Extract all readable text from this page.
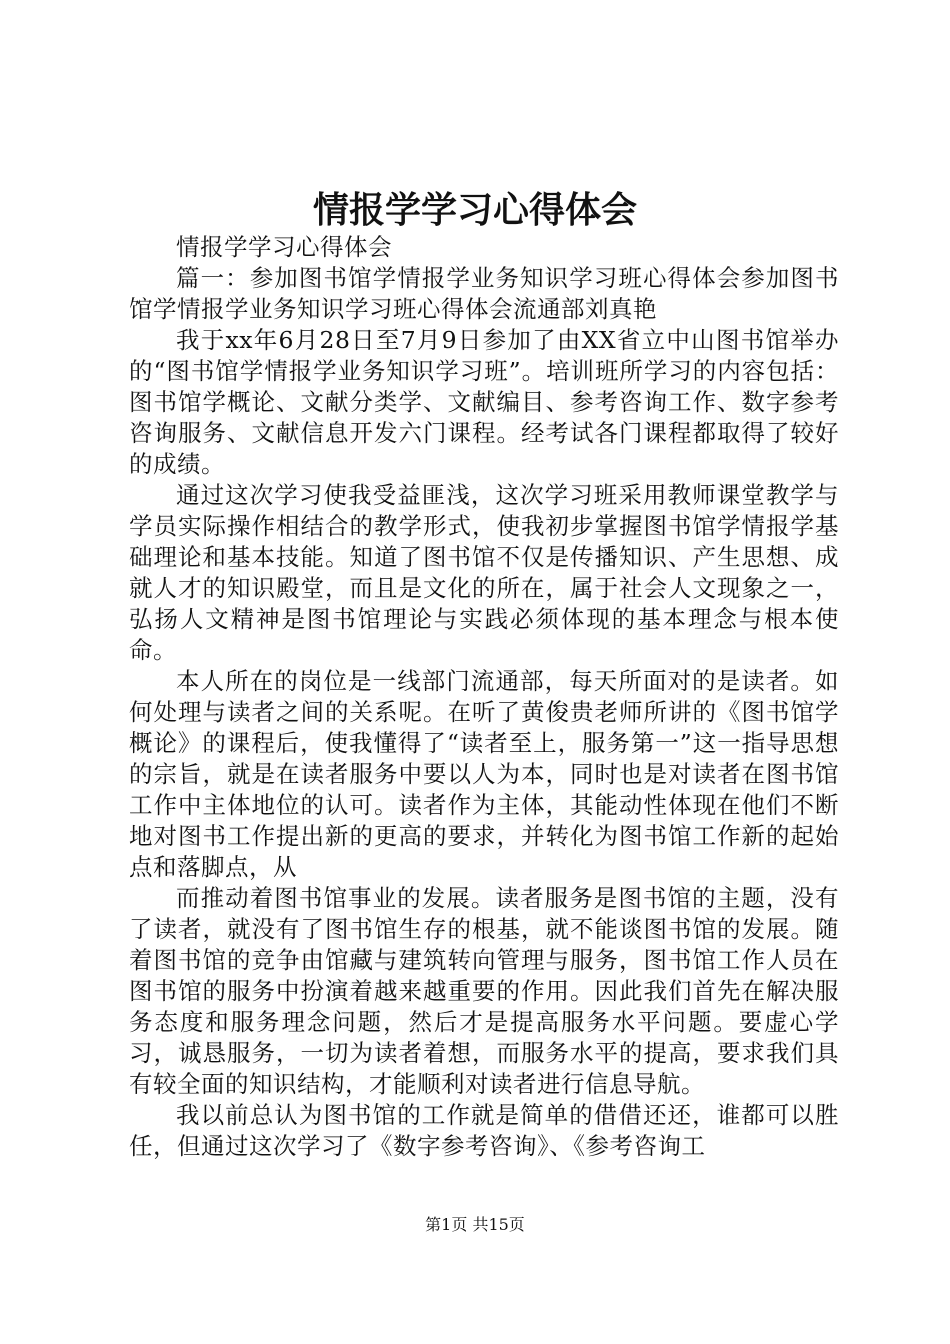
情报学学习心得体会

情报学学习心得体会

篇一：参加图书馆学情报学业务知识学习班心得体会参加图书馆学情报学业务知识学习班心得体会流通部刘真艳

我于xx年6月28日至7月9日参加了由XX省立中山图书馆举办的“图书馆学情报学业务知识学习班”。培训班所学习的内容包括：图书馆学概论、文献分类学、文献编目、参考咨询工作、数字参考咨询服务、文献信息开发六门课程。经考试各门课程都取得了较好的成绩。

通过这次学习使我受益匪浅，这次学习班采用教师课堂教学与学员实际操作相结合的教学形式，使我初步掌握图书馆学情报学基础理论和基本技能。知道了图书馆不仅是传播知识、产生思想、成就人才的知识殿堂，而且是文化的所在，属于社会人文现象之一，弘扬人文精神是图书馆理论与实践必须体现的基本理念与根本使命。

本人所在的岗位是一线部门流通部，每天所面对的是读者。如何处理与读者之间的关系呢。在听了黄俊贵老师所讲的《图书馆学概论》的课程后，使我懂得了“读者至上，服务第一”这一指导思想的宗旨，就是在读者服务中要以人为本，同时也是对读者在图书馆工作中主体地位的认可。读者作为主体，其能动性体现在他们不断地对图书工作提出新的更高的要求，并转化为图书馆工作新的起始点和落脚点，从

而推动着图书馆事业的发展。读者服务是图书馆的主题，没有了读者，就没有了图书馆生存的根基，就不能谈图书馆的发展。随着图书馆的竞争由馆藏与建筑转向管理与服务，图书馆工作人员在图书馆的服务中扮演着越来越重要的作用。因此我们首先在解决服务态度和服务理念问题，然后才是提高服务水平问题。要虚心学习，诚恳服务，一切为读者着想，而服务水平的提高，要求我们具有较全面的知识结构，才能顺利对读者进行信息导航。

我以前总认为图书馆的工作就是简单的借借还还，谁都可以胜任，但通过这次学习了《数字参考咨询》、《参考咨询工

第1页 共15页
